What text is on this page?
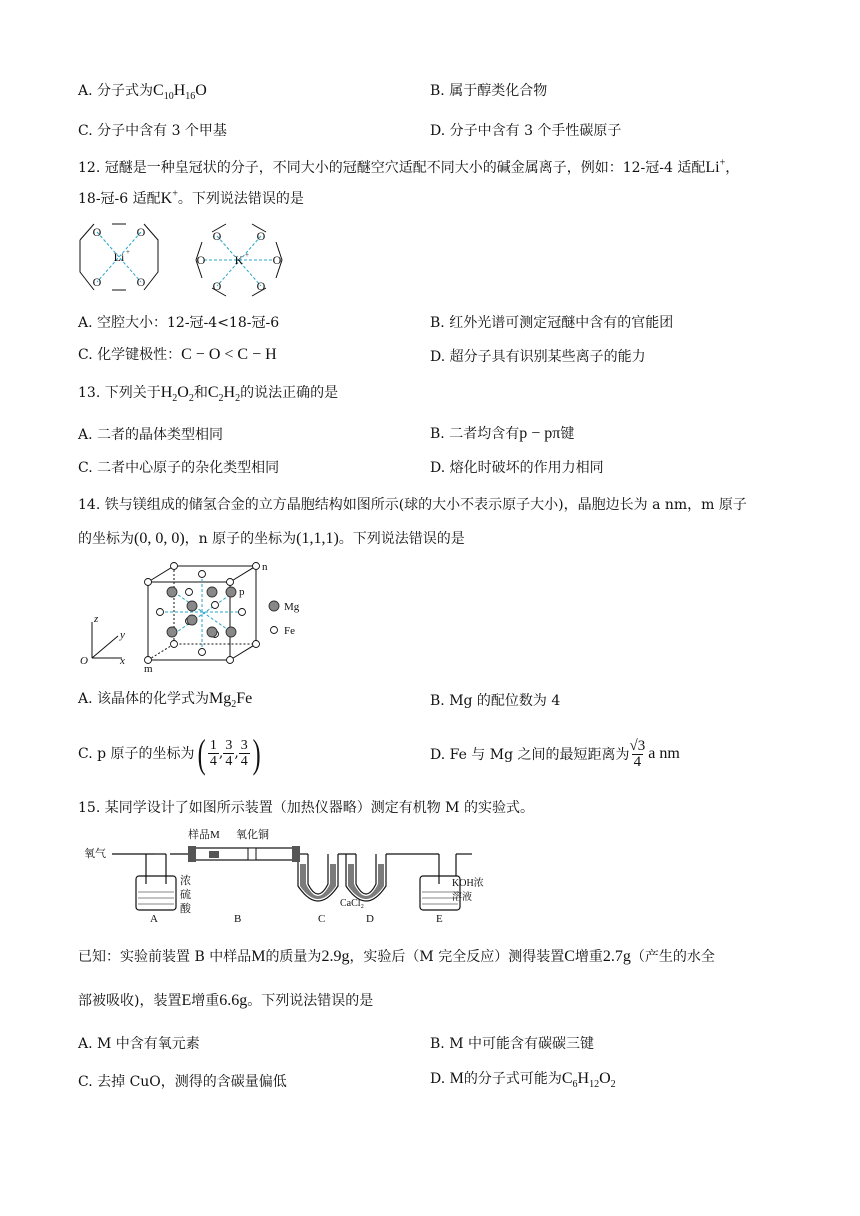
A. 分子式为$C_{10}H_{16}O$	B. 属于醇类化合物
C. 分子中含有 3 个甲基	D. 分子中含有 3 个手性碳原子
12. 冠醚是一种皇冠状的分子，不同大小的冠醚空穴适配不同大小的碱金属离子，例如：12-冠-4 适配Li+，
18-冠-6 适配K+。下列说法错误的是
O	O
O	O
Li
O	O
O	O
O	O
K
+	+
A. 空腔大小：12-冠-4<18-冠-6	B. 红外光谱可测定冠醚中含有的官能团
C. 化学键极性：C − O < C − H	D. 超分子具有识别某些离子的能力
13. 下列关于$H_2O_2$和$C_2H_2$的说法正确的是
A. 二者的晶体类型相同	B. 二者均含有p − pπ键
C. 二者中心原子的杂化类型相同	D. 熔化时破坏的作用力相同
14. 铁与镁组成的储氢合金的立方晶胞结构如图所示(球的大小不表示原子大小)，晶胞边长为 a nm，m 原子
的坐标为(0, 0, 0)，n 原子的坐标为(1,1,1)。下列说法错误的是
z
y
x
O
n
p
m
Mg
Fe
A. 该晶体的化学式为$Mg_2Fe$	B. Mg 的配位数为 4
C. p 原子的坐标为 ( $\frac{1}{4}$ , $\frac{3}{4}$ , $\frac{3}{4}$ )	D. Fe 与 Mg 之间的最短距离为 $\frac{√3}{4}$ a nm
15. 某同学设计了如图所示装置（加热仪器略）测定有机物 M 的实验式。
氧气
样品M 氧化铜
浓
硫
酸	CaCl₂
KOH浓
溶液
A	B	C	D	E
已知：实验前装置 B 中样品M的质量为2.9g，实验后（M 完全反应）测得装置C增重2.7g（产生的水全
部被吸收)，装置E增重6.6g。下列说法错误的是
A. M 中含有氧元素	B. M 中可能含有碳碳三键
C. 去掉 CuO，测得的含碳量偏低	D. M的分子式可能为$C_6H_{12}O_2$
